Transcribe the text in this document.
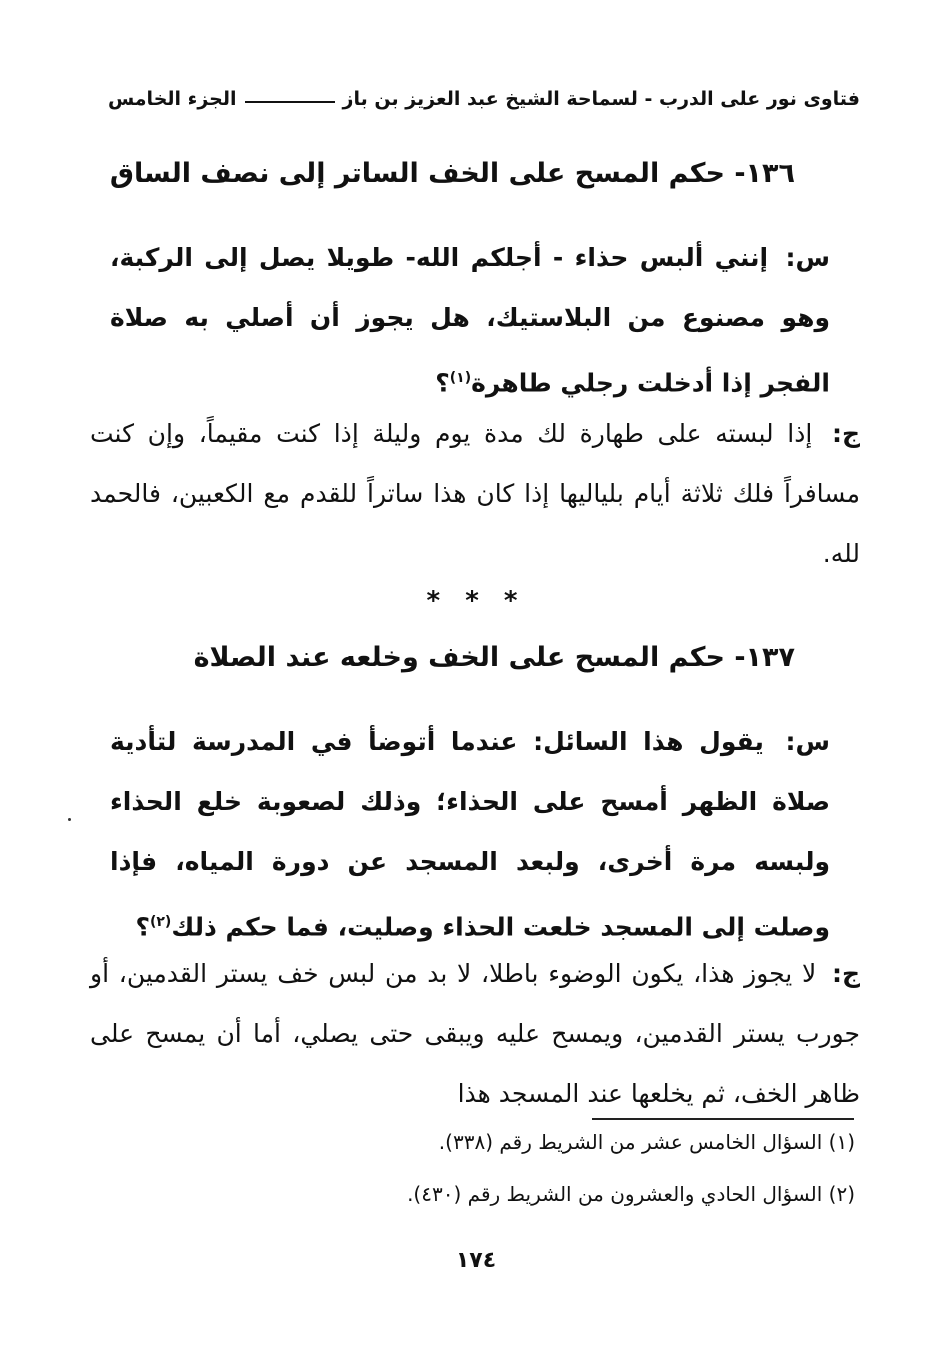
فتاوى نور على الدرب - لسماحة الشيخ عبد العزيز بن باز
الجزء الخامس
١٣٦- حكم المسح على الخف الساتر إلى نصف الساق
س: إنني ألبس حذاء - أجلكم الله- طويلا يصل إلى الركبة، وهو مصنوع من البلاستيك، هل يجوز أن أصلي به صلاة الفجر إذا أدخلت رجلي طاهرة$^{(١)}$؟
ج: إذا لبسته على طهارة لك مدة يوم وليلة إذا كنت مقيماً، وإن كنت مسافراً فلك ثلاثة أيام بلياليها إذا كان هذا ساتراً للقدم مع الكعبين، فالحمد لله.
* * *
١٣٧- حكم المسح على الخف وخلعه عند الصلاة
س: يقول هذا السائل: عندما أتوضأ في المدرسة لتأدية صلاة الظهر أمسح على الحذاء؛ وذلك لصعوبة خلع الحذاء ولبسه مرة أخرى، ولبعد المسجد عن دورة المياه، فإذا وصلت إلى المسجد خلعت الحذاء وصليت، فما حكم ذلك$^{(٢)}$؟
ج: لا يجوز هذا، يكون الوضوء باطلا، لا بد من لبس خف يستر القدمين، أو جورب يستر القدمين، ويمسح عليه ويبقى حتى يصلي، أما أن يمسح على ظاهر الخف، ثم يخلعها عند المسجد هذا
(١) السؤال الخامس عشر من الشريط رقم (٣٣٨).
(٢) السؤال الحادي والعشرون من الشريط رقم (٤٣٠).
١٧٤
